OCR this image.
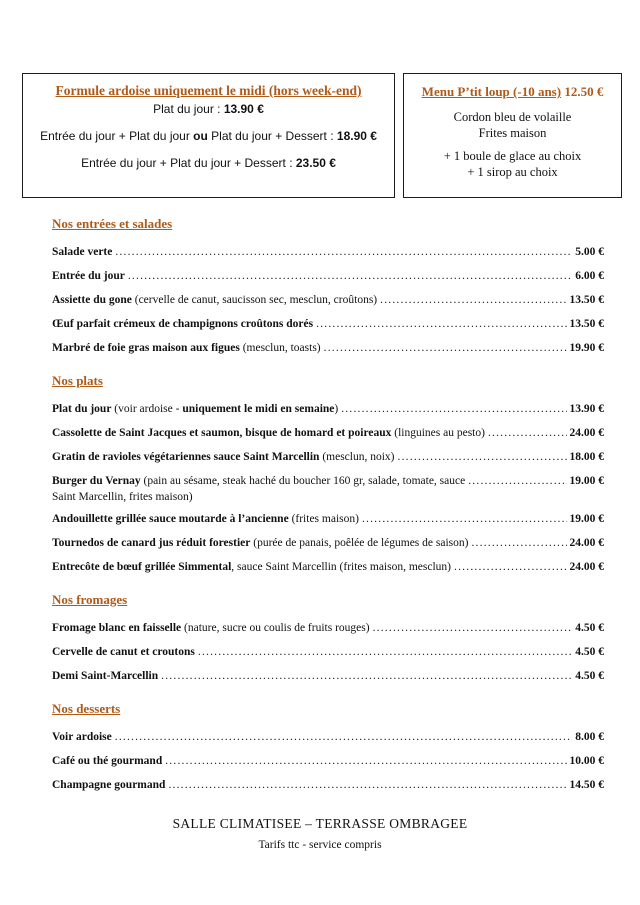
Formule ardoise uniquement le midi (hors week-end)
Plat du jour : 13.90 €
Entrée du jour + Plat du jour ou Plat du jour + Dessert : 18.90 €
Entrée du jour + Plat du jour + Dessert : 23.50 €
Menu P’tit loup (-10 ans) 12.50 €
Cordon bleu de volaille
Frites maison
+ 1 boule de glace au choix
+ 1 sirop au choix
Nos entrées et salades
Salade verte .....	5.00 €
Entrée du jour .....	6.00 €
Assiette du gone (cervelle de canut, saucisson sec, mesclun, croûtons) .....	13.50 €
Œuf parfait crémeux de champignons croûtons dorés .....	13.50 €
Marbré de foie gras maison aux figues (mesclun, toasts) .....	19.90 €
Nos plats
Plat du jour (voir ardoise - uniquement le midi en semaine) .....	13.90 €
Cassolette de Saint Jacques et saumon, bisque de homard et poireaux (linguines au pesto) .....	24.00 €
Gratin de ravioles végétariennes sauce Saint Marcellin (mesclun, noix) .....	18.00 €
Burger du Vernay (pain au sésame, steak haché du boucher 160 gr, salade, tomate, sauce .....	19.00 €
Saint Marcellin, frites maison)
Andouillette grillée sauce moutarde à l’ancienne (frites maison) .....	19.00 €
Tournedos de canard jus réduit forestier (purée de panais, poêlée de légumes de saison) .....	24.00 €
Entrecôte de bœuf grillée Simmental, sauce Saint Marcellin (frites maison, mesclun) .....	24.00 €
Nos fromages
Fromage blanc en faisselle (nature, sucre ou coulis de fruits rouges) .....	4.50 €
Cervelle de canut et croutons .....	4.50 €
Demi Saint-Marcellin .....	4.50 €
Nos desserts
Voir ardoise .....	8.00 €
Café ou thé gourmand .....	10.00 €
Champagne gourmand .....	14.50 €
SALLE CLIMATISEE – TERRASSE OMBRAGEE
Tarifs ttc - service compris
